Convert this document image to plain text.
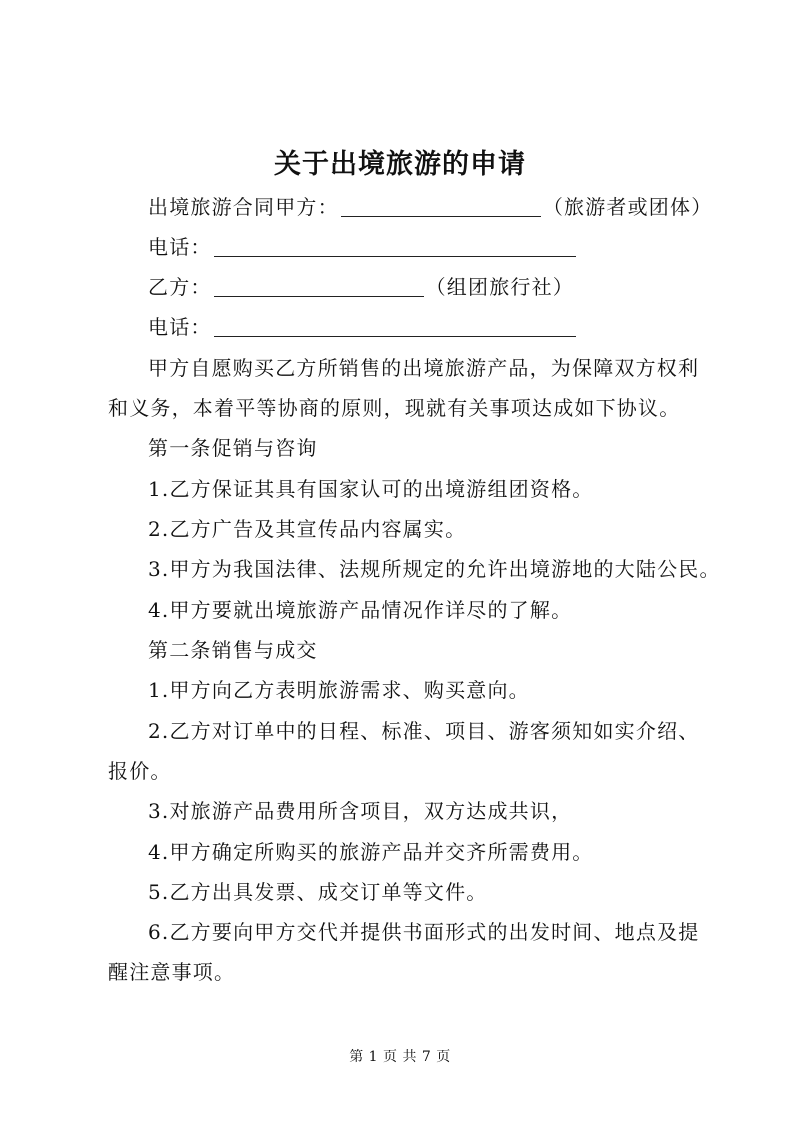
关于出境旅游的申请
出境旅游合同甲方：	（旅游者或团体）
电话：
乙方：	（组团旅行社）
电话：
甲方自愿购买乙方所销售的出境旅游产品，为保障双方权利
和义务，本着平等协商的原则，现就有关事项达成如下协议。
第一条促销与咨询
1.乙方保证其具有国家认可的出境游组团资格。
2.乙方广告及其宣传品内容属实。
3.甲方为我国法律、法规所规定的允许出境游地的大陆公民。
4.甲方要就出境旅游产品情况作详尽的了解。
第二条销售与成交
1.甲方向乙方表明旅游需求、购买意向。
2.乙方对订单中的日程、标准、项目、游客须知如实介绍、
报价。
3.对旅游产品费用所含项目，双方达成共识，
4.甲方确定所购买的旅游产品并交齐所需费用。
5.乙方出具发票、成交订单等文件。
6.乙方要向甲方交代并提供书面形式的出发时间、地点及提
醒注意事项。
第 1 页 共 7 页
